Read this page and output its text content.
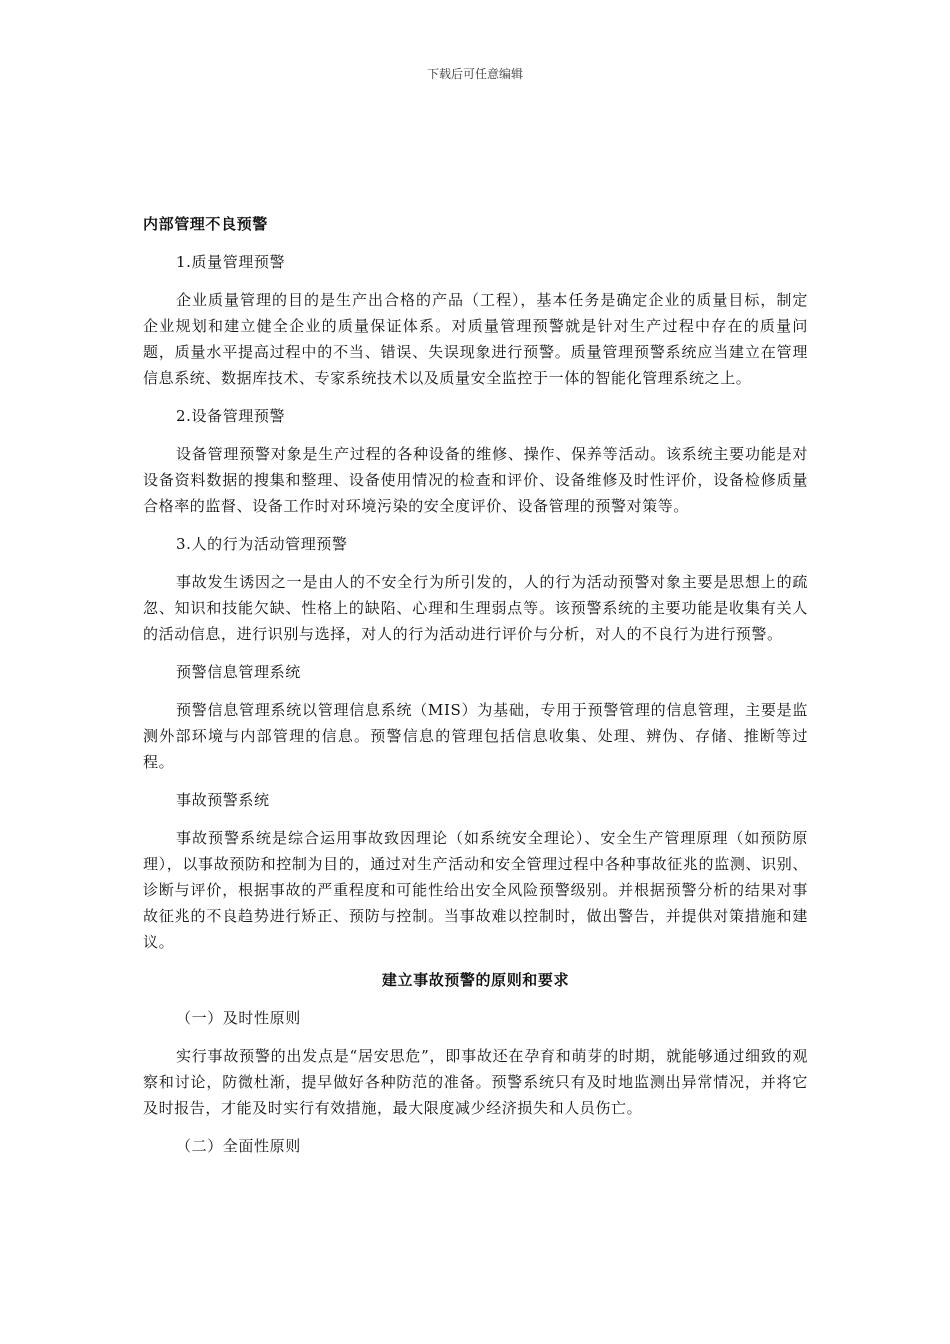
下载后可任意编辑

内部管理不良预警

1.质量管理预警

企业质量管理的目的是生产出合格的产品（工程），基本任务是确定企业的质量目标，制定企业规划和建立健全企业的质量保证体系。对质量管理预警就是针对生产过程中存在的质量问题，质量水平提高过程中的不当、错误、失误现象进行预警。质量管理预警系统应当建立在管理信息系统、数据库技术、专家系统技术以及质量安全监控于一体的智能化管理系统之上。

2.设备管理预警

设备管理预警对象是生产过程的各种设备的维修、操作、保养等活动。该系统主要功能是对设备资料数据的搜集和整理、设备使用情况的检查和评价、设备维修及时性评价，设备检修质量合格率的监督、设备工作时对环境污染的安全度评价、设备管理的预警对策等。

3.人的行为活动管理预警

事故发生诱因之一是由人的不安全行为所引发的，人的行为活动预警对象主要是思想上的疏忽、知识和技能欠缺、性格上的缺陷、心理和生理弱点等。该预警系统的主要功能是收集有关人的活动信息，进行识别与选择，对人的行为活动进行评价与分析，对人的不良行为进行预警。

预警信息管理系统

预警信息管理系统以管理信息系统（MIS）为基础，专用于预警管理的信息管理，主要是监测外部环境与内部管理的信息。预警信息的管理包括信息收集、处理、辨伪、存储、推断等过程。

事故预警系统

事故预警系统是综合运用事故致因理论（如系统安全理论）、安全生产管理原理（如预防原理），以事故预防和控制为目的，通过对生产活动和安全管理过程中各种事故征兆的监测、识别、诊断与评价，根据事故的严重程度和可能性给出安全风险预警级别。并根据预警分析的结果对事故征兆的不良趋势进行矫正、预防与控制。当事故难以控制时，做出警告，并提供对策措施和建议。

建立事故预警的原则和要求

（一）及时性原则

实行事故预警的出发点是“居安思危”，即事故还在孕育和萌芽的时期，就能够通过细致的观察和讨论，防微杜渐，提早做好各种防范的准备。预警系统只有及时地监测出异常情况，并将它及时报告，才能及时实行有效措施，最大限度减少经济损失和人员伤亡。

（二）全面性原则
